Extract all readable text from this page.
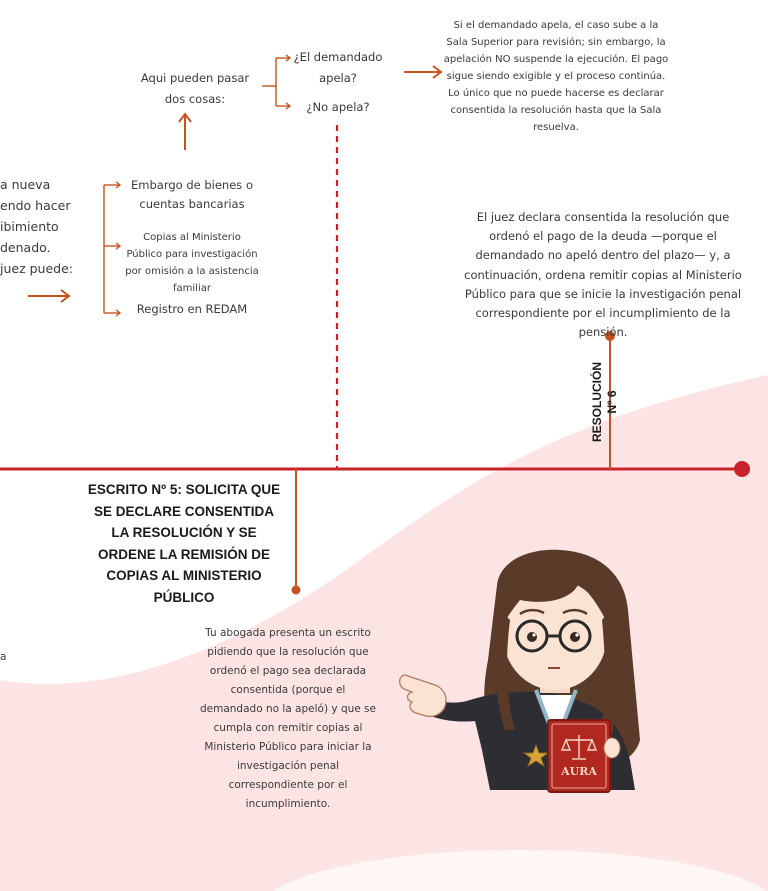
AURA
a nueva
endo hacer
ibimiento
denado.
juez puede:
a
Embargo de bienes o cuentas bancarias
Copias al Ministerio Público para investigación por omisión a la asistencia familiar
Registro en REDAM
Aqui pueden pasar dos cosas:
¿El demandado apela?
¿No apela?
Si el demandado apela, el caso sube a la Sala Superior para revisión; sin embargo, la apelación NO suspende la ejecución. El pago sigue siendo exigible y el proceso continúa. Lo único que no puede hacerse es declarar consentida la resolución hasta que la Sala resuelva.
El juez declara consentida la resolución que ordenó el pago de la deuda —porque el demandado no apeló dentro del plazo— y, a continuación, ordena remitir copias al Ministerio Público para que se inicie la investigación penal correspondiente por el incumplimiento de la pensión.
RESOLUCIÓN Nº 6
ESCRITO Nº 5: SOLICITA QUE SE DECLARE CONSENTIDA LA RESOLUCIÓN Y SE ORDENE LA REMISIÓN DE COPIAS AL MINISTERIO PÚBLICO
Tu abogada presenta un escrito pidiendo que la resolución que ordenó el pago sea declarada consentida (porque el demandado no la apeló) y que se cumpla con remitir copias al Ministerio Público para iniciar la investigación penal correspondiente por el incumplimiento.
